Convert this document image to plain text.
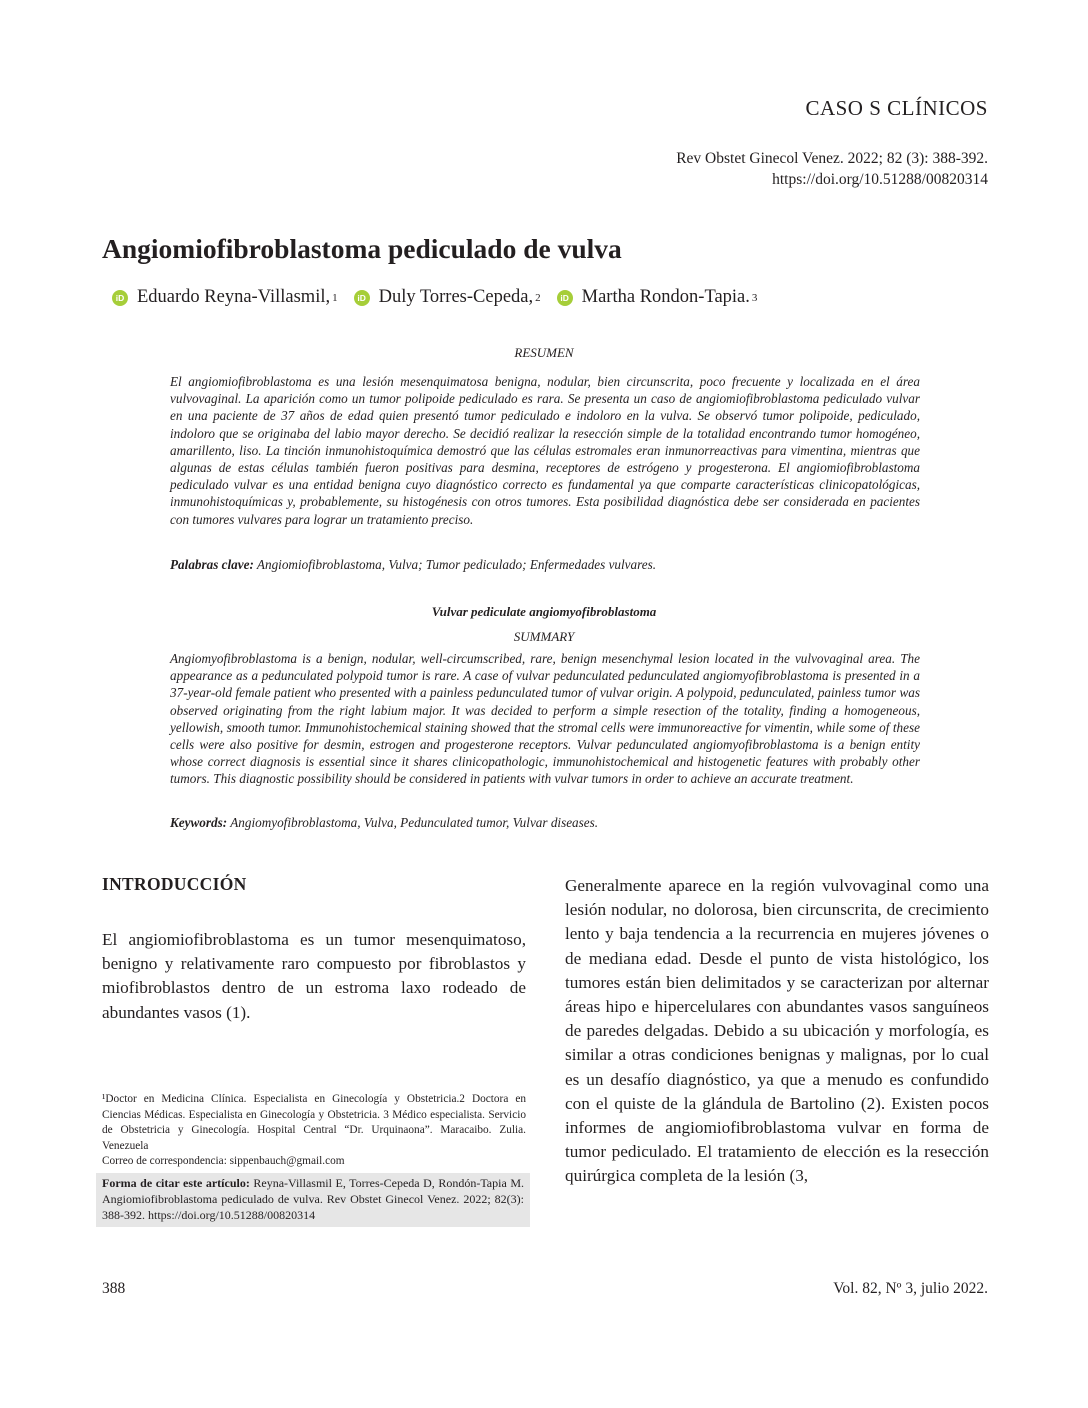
CASO S CLÍNICOS
Rev Obstet Ginecol Venez. 2022; 82 (3): 388-392.
https://doi.org/10.51288/00820314
Angiomiofibroblastoma pediculado de vulva
iD Eduardo Reyna-Villasmil, 1	iD Duly Torres-Cepeda, 2	iD Martha Rondon-Tapia. 3
RESUMEN

El angiomiofibroblastoma es una lesión mesenquimatosa benigna, nodular, bien circunscrita, poco frecuente y localizada en el área vulvovaginal. La aparición como un tumor polipoide pediculado es rara. Se presenta un caso de angiomiofibroblastoma pediculado vulvar en una paciente de 37 años de edad quien presentó tumor pediculado e indoloro en la vulva. Se observó tumor polipoide, pediculado, indoloro que se originaba del labio mayor derecho. Se decidió realizar la resección simple de la totalidad encontrando tumor homogéneo, amarillento, liso. La tinción inmunohistoquímica demostró que las células estromales eran inmunorreactivas para vimentina, mientras que algunas de estas células también fueron positivas para desmina, receptores de estrógeno y progesterona. El angiomiofibroblastoma pediculado vulvar es una entidad benigna cuyo diagnóstico correcto es fundamental ya que comparte características clinicopatológicas, inmunohistoquímicas y, probablemente, su histogénesis con otros tumores. Esta posibilidad diagnóstica debe ser considerada en pacientes con tumores vulvares para lograr un tratamiento preciso.

Palabras clave: Angiomiofibroblastoma, Vulva; Tumor pediculado; Enfermedades vulvares.

Vulvar pediculate angiomyofibroblastoma
SUMMARY

Angiomyofibroblastoma is a benign, nodular, well-circumscribed, rare, benign mesenchymal lesion located in the vulvovaginal area. The appearance as a pedunculated polypoid tumor is rare. A case of vulvar pedunculated pedunculated angiomyofibroblastoma is presented in a 37-year-old female patient who presented with a painless pedunculated tumor of vulvar origin. A polypoid, pedunculated, painless tumor was observed originating from the right labium major. It was decided to perform a simple resection of the totality, finding a homogeneous, yellowish, smooth tumor. Immunohistochemical staining showed that the stromal cells were immunoreactive for vimentin, while some of these cells were also positive for desmin, estrogen and progesterone receptors. Vulvar pedunculated angiomyofibroblastoma is a benign entity whose correct diagnosis is essential since it shares clinicopathologic, immunohistochemical and histogenetic features with probably other tumors. This diagnostic possibility should be considered in patients with vulvar tumors in order to achieve an accurate treatment.

Keywords: Angiomyofibroblastoma, Vulva, Pedunculated tumor, Vulvar diseases.

INTRODUCCIÓN

El angiomiofibroblastoma es un tumor mesenquimatoso, benigno y relativamente raro compuesto por fibroblastos y miofibroblastos dentro de un estroma laxo rodeado de abundantes vasos (1).

Generalmente aparece en la región vulvovaginal como una lesión nodular, no dolorosa, bien circunscrita, de crecimiento lento y baja tendencia a la recurrencia en mujeres jóvenes o de mediana edad. Desde el punto de vista histológico, los tumores están bien delimitados y se caracterizan por alternar áreas hipo e hipercelulares con abundantes vasos sanguíneos de paredes delgadas. Debido a su ubicación y morfología, es similar a otras condiciones benignas y malignas, por lo cual es un desafío diagnóstico, ya que a menudo es confundido con el quiste de la glándula de Bartolino (2). Existen pocos informes de angiomiofibroblastoma vulvar en forma de tumor pediculado. El tratamiento de elección es la resección quirúrgica completa de la lesión (3,

¹Doctor en Medicina Clínica. Especialista en Ginecología y Obstetricia.2 Doctora en Ciencias Médicas. Especialista en Ginecología y Obstetricia. 3 Médico especialista. Servicio de Obstetricia y Ginecología. Hospital Central “Dr. Urquinaona”. Maracaibo. Zulia. Venezuela
Correo de correspondencia: sippenbauch@gmail.com

Forma de citar este artículo: Reyna-Villasmil E, Torres-Cepeda D, Rondón-Tapia M. Angiomiofibroblastoma pediculado de vulva. Rev Obstet Ginecol Venez. 2022; 82(3): 388-392. https://doi.org/10.51288/00820314
388	Vol. 82, Nº 3, julio 2022.
